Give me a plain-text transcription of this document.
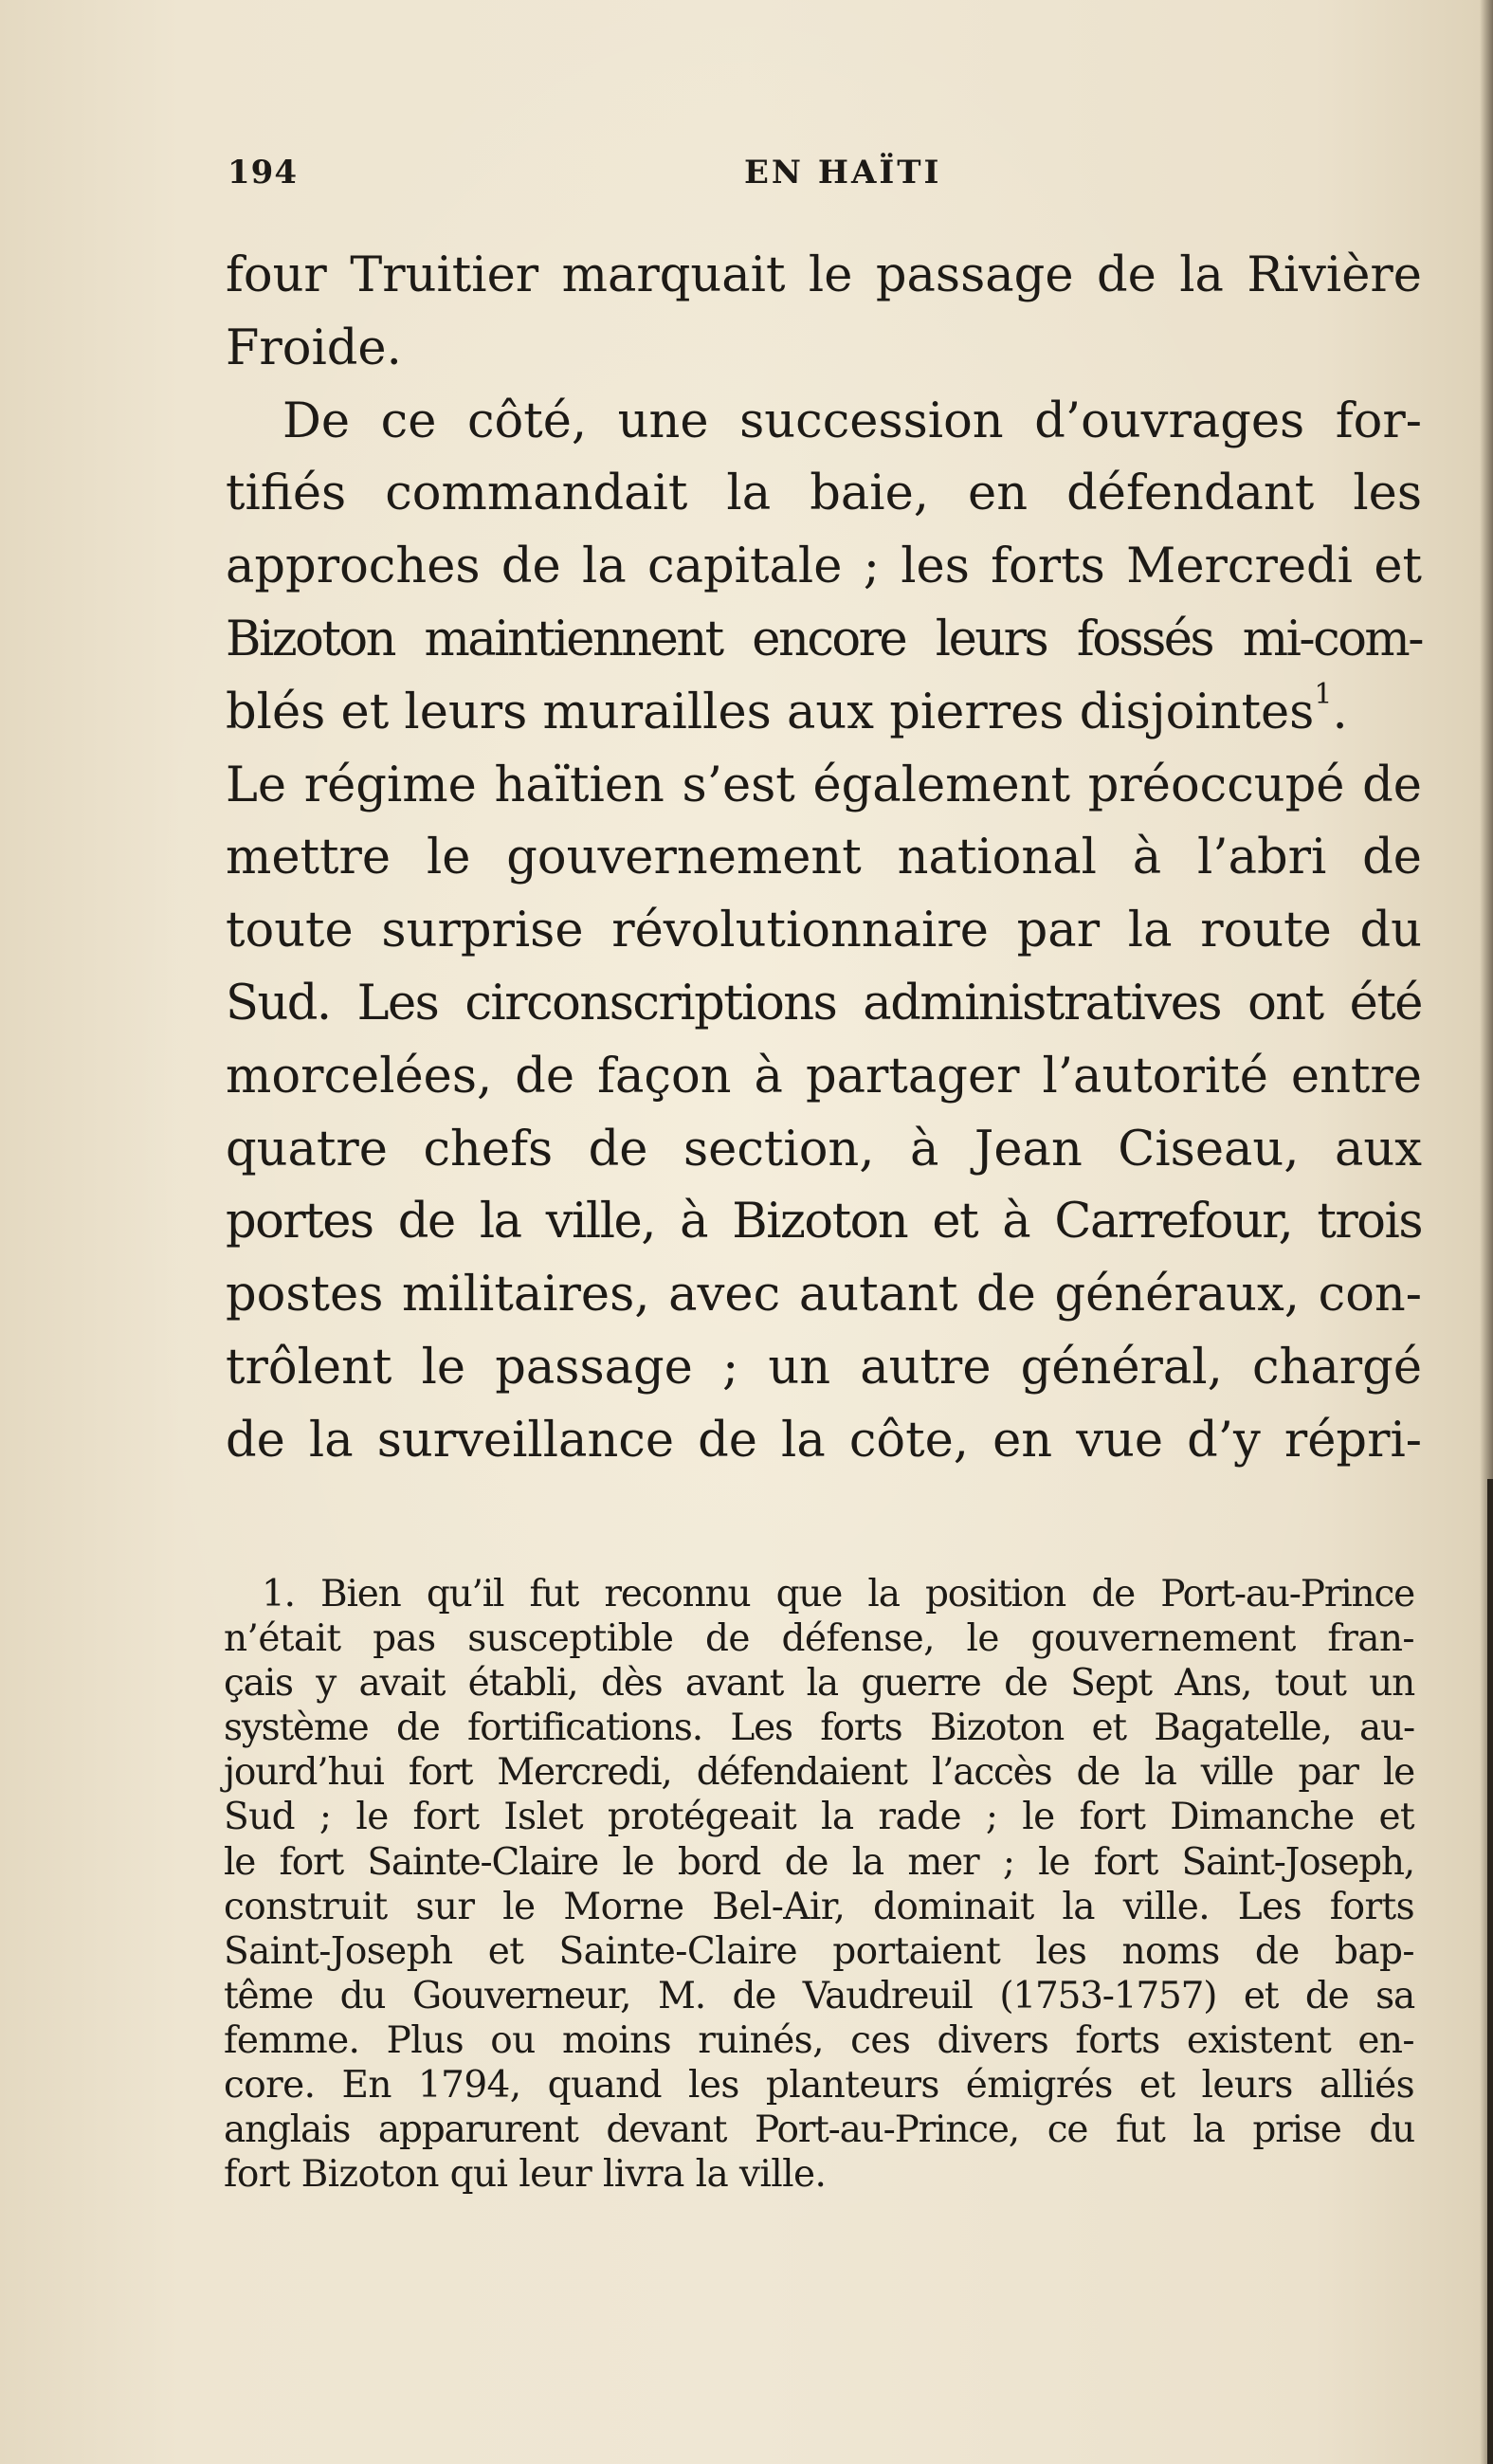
194	EN HAÏTI
four Truitier marquait le passage de la Rivière
Froide.
De ce côté, une succession d’ouvrages for-
tifiés commandait la baie, en défendant les
approches de la capitale ; les forts Mercredi et
Bizoton maintiennent encore leurs fossés mi-com-
blés et leurs murailles aux pierres disjointes$^1$.
Le régime haïtien s’est également préoccupé de
mettre le gouvernement national à l’abri de
toute surprise révolutionnaire par la route du
Sud. Les circonscriptions administratives ont été
morcelées, de façon à partager l’autorité entre
quatre chefs de section, à Jean Ciseau, aux
portes de la ville, à Bizoton et à Carrefour, trois
postes militaires, avec autant de généraux, con-
trôlent le passage ; un autre général, chargé
de la surveillance de la côte, en vue d’y répri-
1. Bien qu’il fut reconnu que la position de Port-au-Prince
n’était pas susceptible de défense, le gouvernement fran-
çais y avait établi, dès avant la guerre de Sept Ans, tout un
système de fortifications. Les forts Bizoton et Bagatelle, au-
jourd’hui fort Mercredi, défendaient l’accès de la ville par le
Sud ; le fort Islet protégeait la rade ; le fort Dimanche et
le fort Sainte-Claire le bord de la mer ; le fort Saint-Joseph,
construit sur le Morne Bel-Air, dominait la ville. Les forts
Saint-Joseph et Sainte-Claire portaient les noms de bap-
tême du Gouverneur, M. de Vaudreuil (1753-1757) et de sa
femme. Plus ou moins ruinés, ces divers forts existent en-
core. En 1794, quand les planteurs émigrés et leurs alliés
anglais apparurent devant Port-au-Prince, ce fut la prise du
fort Bizoton qui leur livra la ville.
